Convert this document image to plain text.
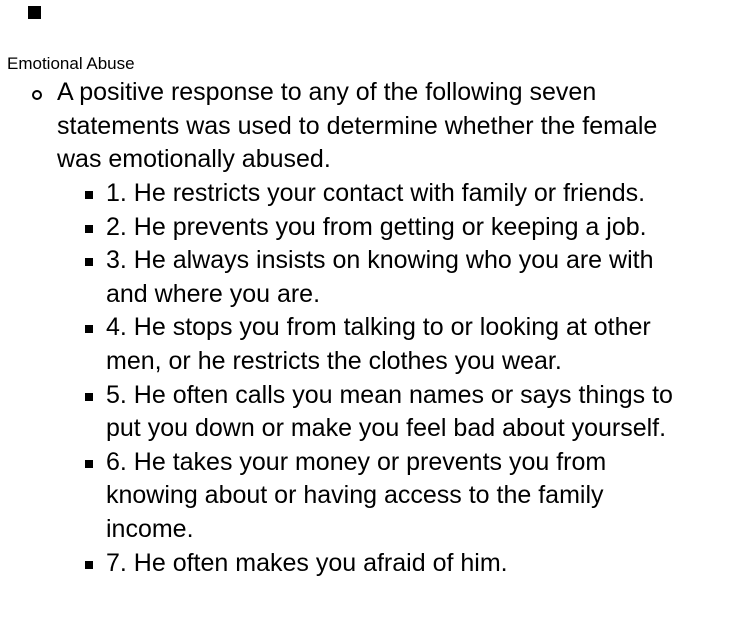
Emotional Abuse
A positive response to any of the following seven
statements was used to determine whether the female
was emotionally abused.
1. He restricts your contact with family or friends.
2. He prevents you from getting or keeping a job.
3. He always insists on knowing who you are with
and where you are.
4. He stops you from talking to or looking at other
men, or he restricts the clothes you wear.
5. He often calls you mean names or says things to
put you down or make you feel bad about yourself.
6. He takes your money or prevents you from
knowing about or having access to the family
income.
7. He often makes you afraid of him.
